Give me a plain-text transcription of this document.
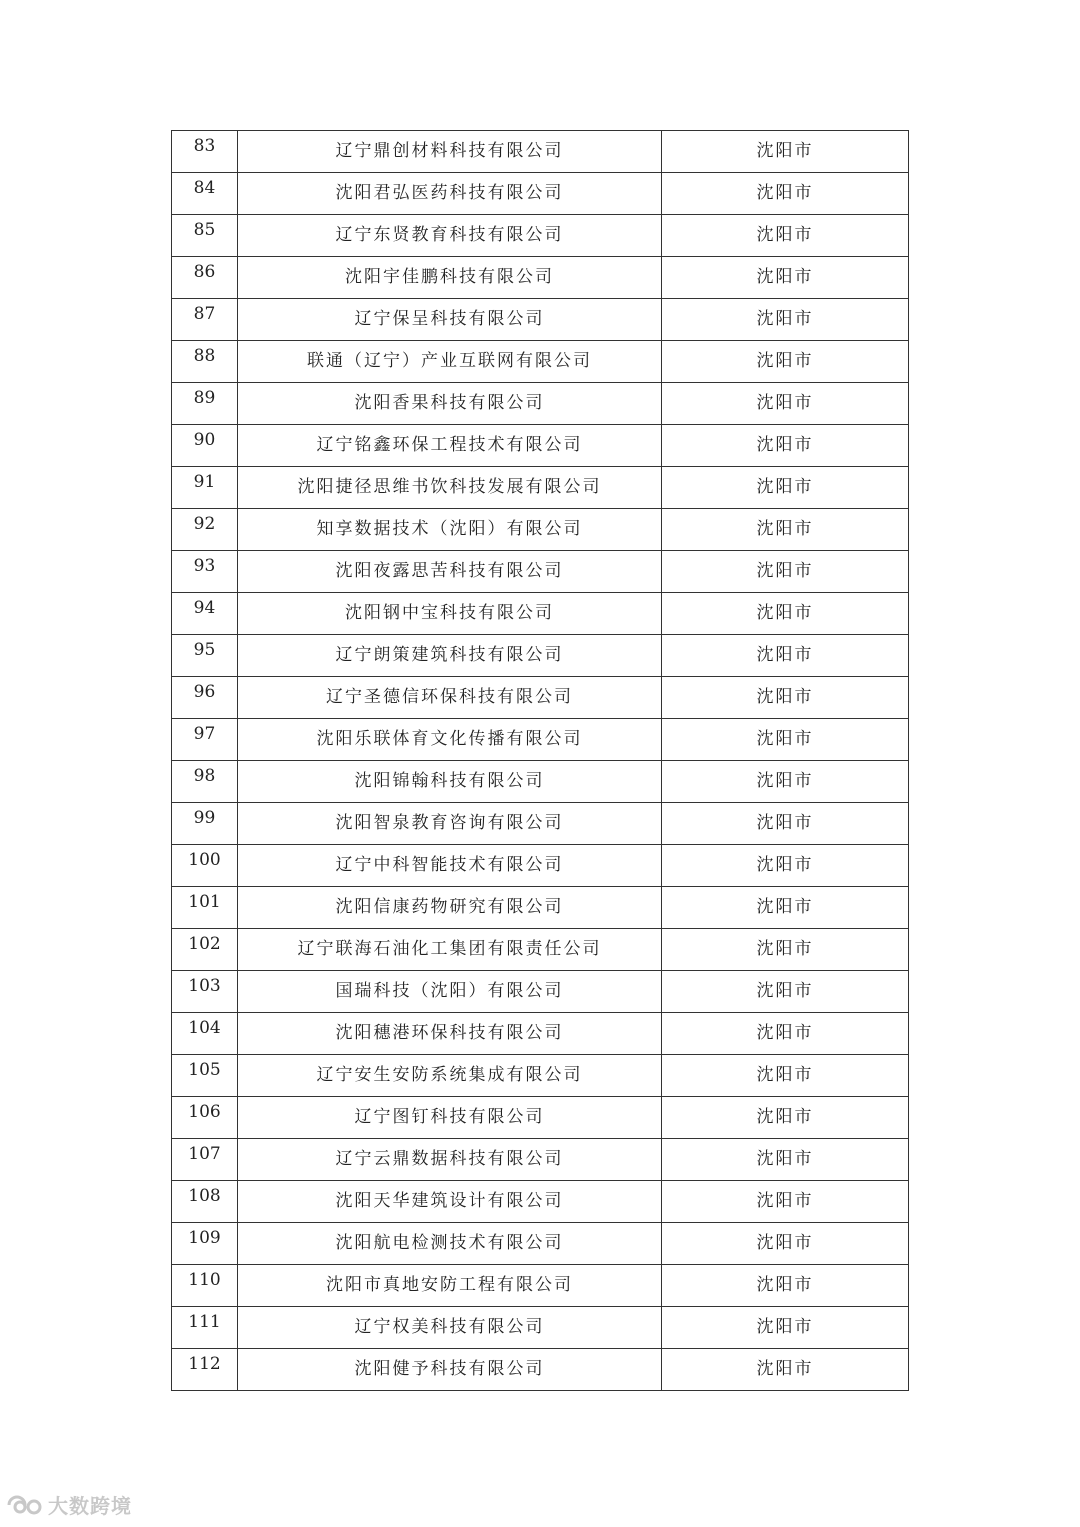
83	辽宁鼎创材料科技有限公司	沈阳市
84	沈阳君弘医药科技有限公司	沈阳市
85	辽宁东贤教育科技有限公司	沈阳市
86	沈阳宇佳鹏科技有限公司	沈阳市
87	辽宁保呈科技有限公司	沈阳市
88	联通（辽宁）产业互联网有限公司	沈阳市
89	沈阳香果科技有限公司	沈阳市
90	辽宁铭鑫环保工程技术有限公司	沈阳市
91	沈阳捷径思维书饮科技发展有限公司	沈阳市
92	知享数据技术（沈阳）有限公司	沈阳市
93	沈阳夜露思苦科技有限公司	沈阳市
94	沈阳钢中宝科技有限公司	沈阳市
95	辽宁朗策建筑科技有限公司	沈阳市
96	辽宁圣德信环保科技有限公司	沈阳市
97	沈阳乐联体育文化传播有限公司	沈阳市
98	沈阳锦翰科技有限公司	沈阳市
99	沈阳智泉教育咨询有限公司	沈阳市
100	辽宁中科智能技术有限公司	沈阳市
101	沈阳信康药物研究有限公司	沈阳市
102	辽宁联海石油化工集团有限责任公司	沈阳市
103	国瑞科技（沈阳）有限公司	沈阳市
104	沈阳穗港环保科技有限公司	沈阳市
105	辽宁安生安防系统集成有限公司	沈阳市
106	辽宁图钉科技有限公司	沈阳市
107	辽宁云鼎数据科技有限公司	沈阳市
108	沈阳天华建筑设计有限公司	沈阳市
109	沈阳航电检测技术有限公司	沈阳市
110	沈阳市真地安防工程有限公司	沈阳市
111	辽宁权美科技有限公司	沈阳市
112	沈阳健予科技有限公司	沈阳市
大数跨境
